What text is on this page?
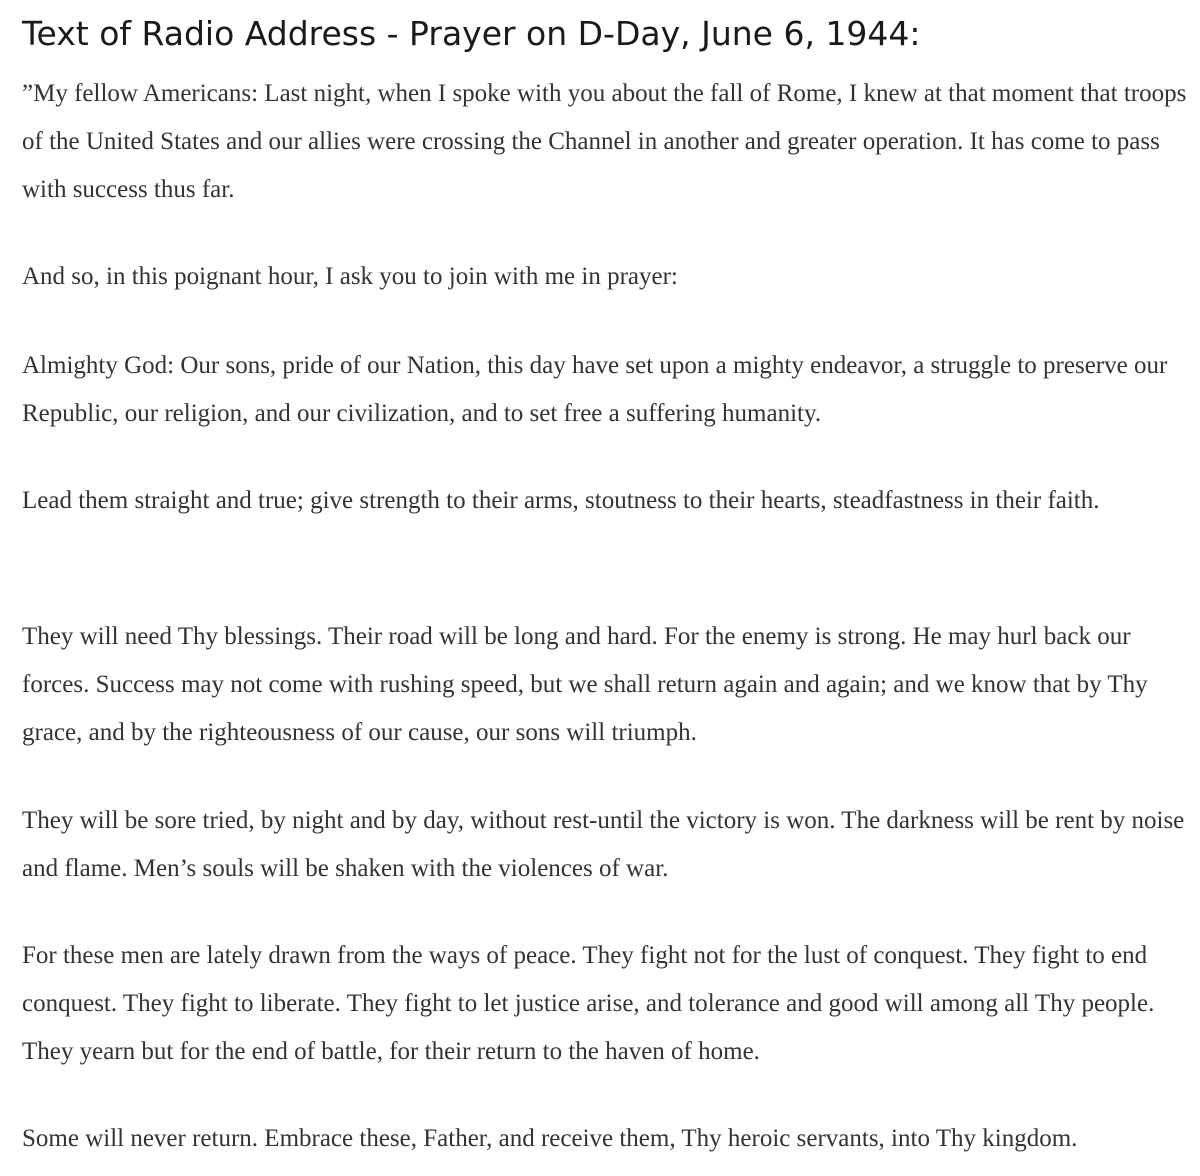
Text of Radio Address - Prayer on D-Day, June 6, 1944:

”My fellow Americans: Last night, when I spoke with you about the fall of Rome, I knew at that moment that troops of the United States and our allies were crossing the Channel in another and greater operation. It has come to pass with success thus far.

And so, in this poignant hour, I ask you to join with me in prayer:

Almighty God: Our sons, pride of our Nation, this day have set upon a mighty endeavor, a struggle to preserve our Republic, our religion, and our civilization, and to set free a suffering humanity.

Lead them straight and true; give strength to their arms, stoutness to their hearts, steadfastness in their faith.

They will need Thy blessings. Their road will be long and hard. For the enemy is strong. He may hurl back our forces. Success may not come with rushing speed, but we shall return again and again; and we know that by Thy grace, and by the righteousness of our cause, our sons will triumph.

They will be sore tried, by night and by day, without rest-until the victory is won. The darkness will be rent by noise and flame. Men’s souls will be shaken with the violences of war.

For these men are lately drawn from the ways of peace. They fight not for the lust of conquest. They fight to end conquest. They fight to liberate. They fight to let justice arise, and tolerance and good will among all Thy people. They yearn but for the end of battle, for their return to the haven of home.

Some will never return. Embrace these, Father, and receive them, Thy heroic servants, into Thy kingdom.
